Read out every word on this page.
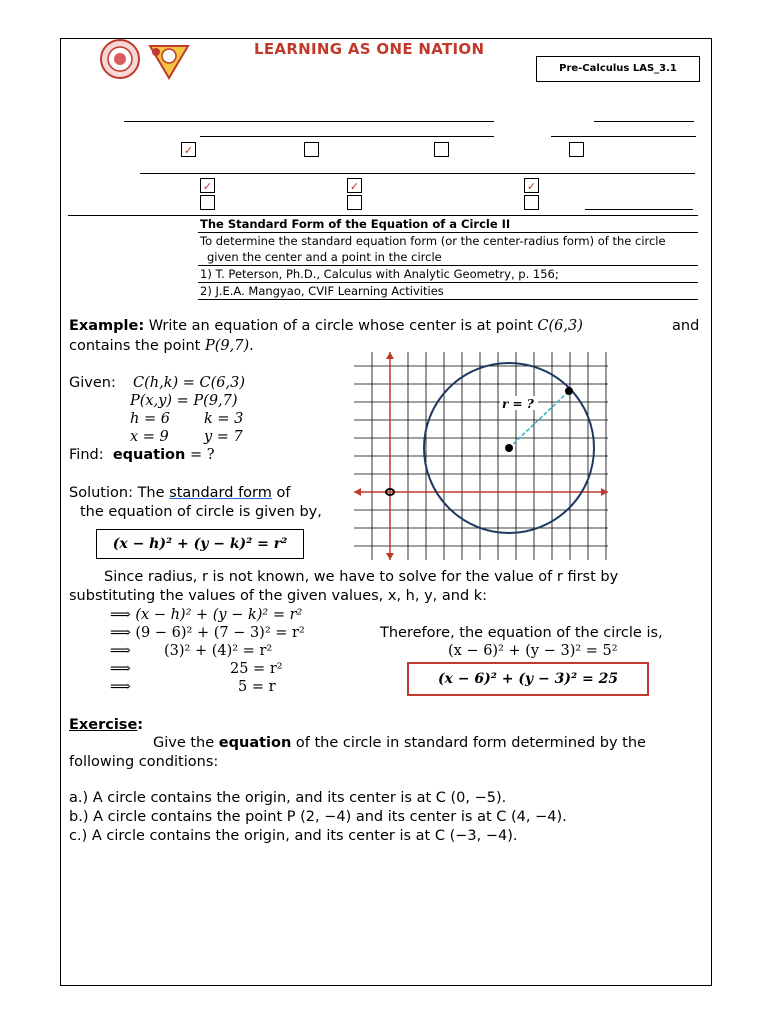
LEARNING AS ONE NATION
Pre-Calculus LAS_3.1
✓
✓	✓	✓
The Standard Form of the Equation of a Circle II
To determine the standard equation form (or the center-radius form) of the circle
given the center and a point in the circle
1) T. Peterson, Ph.D., Calculus with Analytic Geometry, p. 156;
2) J.E.A. Mangyao, CVIF Learning Activities
Example: Write an equation of a circle whose center is at point C(6,3)	and
contains the point P(9,7).
Given: C(h,k) = C(6,3)
P(x,y) = P(9,7)
h = 6 k = 3
x = 9 y = 7
Find: equation = ?
Solution: The standard form of
the equation of circle is given by,
(x − h)² + (y − k)² = r²
r = ?
Since radius, r is not known, we have to solve for the value of r first by
substituting the values of the given values, x, h, y, and k:
⟹ (x − h)² + (y − k)² = r²
⟹ (9 − 6)² + (7 − 3)² = r²
⟹ (3)² + (4)² = r²
⟹	25 = r²
⟹	5 = r
Therefore, the equation of the circle is,
(x − 6)² + (y − 3)² = 5²
(x − 6)² + (y − 3)² = 25
Exercise:
Give the equation of the circle in standard form determined by the
following conditions:
a.) A circle contains the origin, and its center is at C (0, −5).
b.) A circle contains the point P (2, −4) and its center is at C (4, −4).
c.) A circle contains the origin, and its center is at C (−3, −4).
